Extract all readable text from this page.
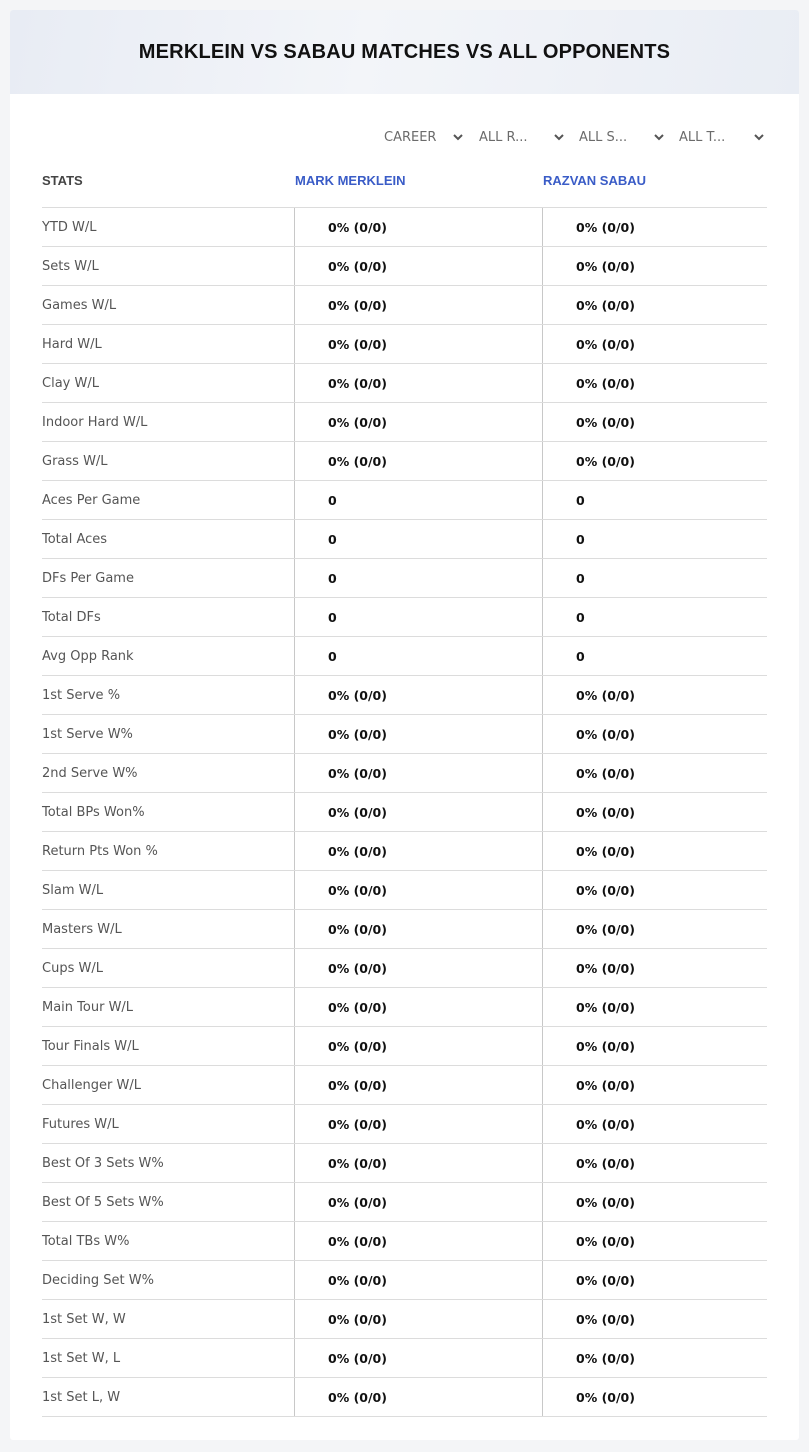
MERKLEIN VS SABAU MATCHES VS ALL OPPONENTS
CAREER	ALL R...	ALL S...	ALL T...
STATS	MARK MERKLEIN	RAZVAN SABAU
YTD W/L	0% (0/0)	0% (0/0)
Sets W/L	0% (0/0)	0% (0/0)
Games W/L	0% (0/0)	0% (0/0)
Hard W/L	0% (0/0)	0% (0/0)
Clay W/L	0% (0/0)	0% (0/0)
Indoor Hard W/L	0% (0/0)	0% (0/0)
Grass W/L	0% (0/0)	0% (0/0)
Aces Per Game	0	0
Total Aces	0	0
DFs Per Game	0	0
Total DFs	0	0
Avg Opp Rank	0	0
1st Serve %	0% (0/0)	0% (0/0)
1st Serve W%	0% (0/0)	0% (0/0)
2nd Serve W%	0% (0/0)	0% (0/0)
Total BPs Won%	0% (0/0)	0% (0/0)
Return Pts Won %	0% (0/0)	0% (0/0)
Slam W/L	0% (0/0)	0% (0/0)
Masters W/L	0% (0/0)	0% (0/0)
Cups W/L	0% (0/0)	0% (0/0)
Main Tour W/L	0% (0/0)	0% (0/0)
Tour Finals W/L	0% (0/0)	0% (0/0)
Challenger W/L	0% (0/0)	0% (0/0)
Futures W/L	0% (0/0)	0% (0/0)
Best Of 3 Sets W%	0% (0/0)	0% (0/0)
Best Of 5 Sets W%	0% (0/0)	0% (0/0)
Total TBs W%	0% (0/0)	0% (0/0)
Deciding Set W%	0% (0/0)	0% (0/0)
1st Set W, W	0% (0/0)	0% (0/0)
1st Set W, L	0% (0/0)	0% (0/0)
1st Set L, W	0% (0/0)	0% (0/0)
